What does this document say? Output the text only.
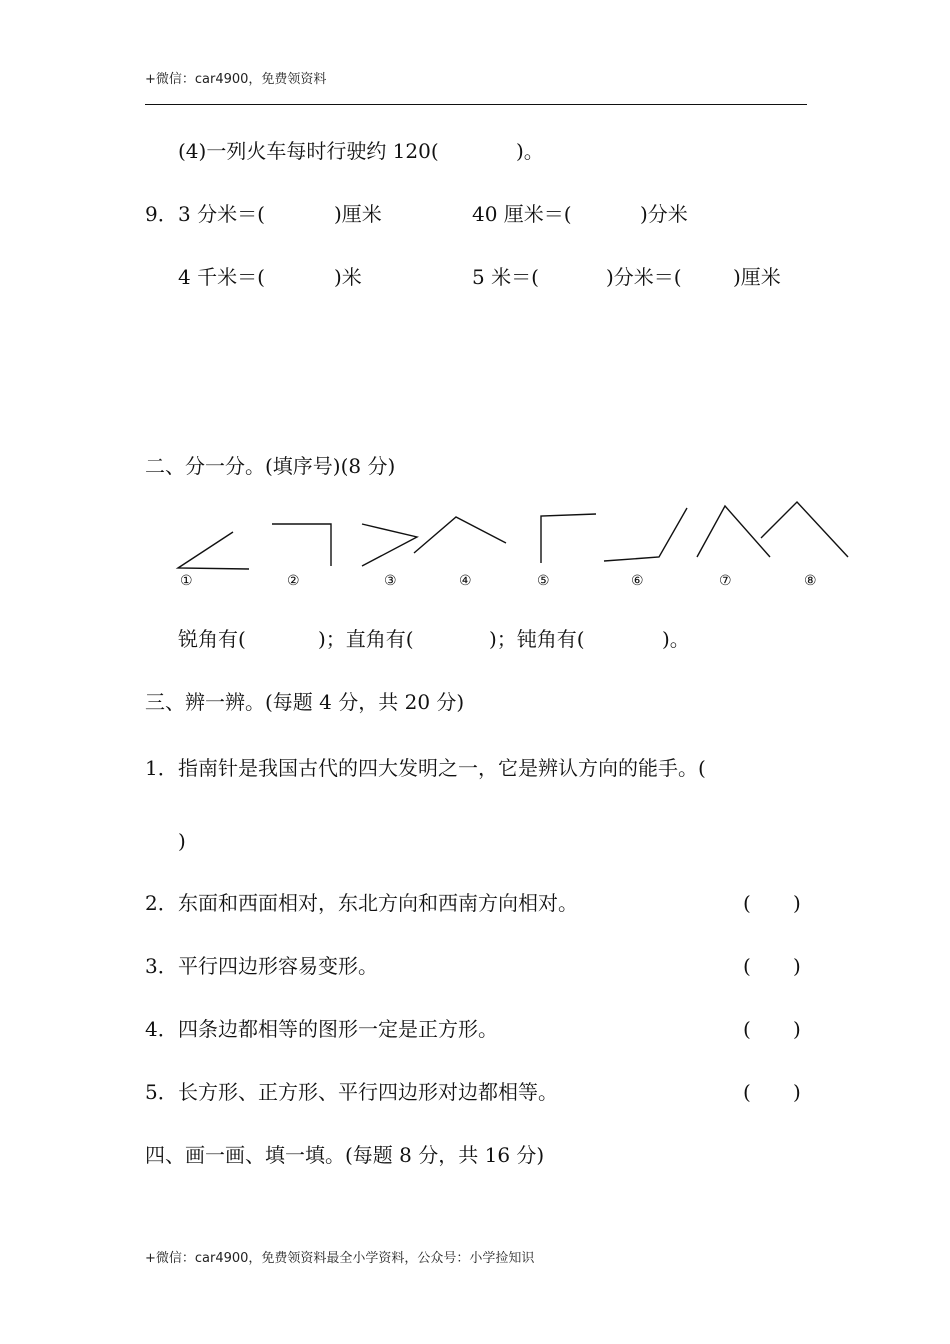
+微信：car4900，免费领资料
(4)一列火车每时行驶约 120(	)。
9． 3 分米＝(	)厘米	40 厘米＝(	)分米
4 千米＝(	)米	5 米＝(	)分米＝(	)厘米
二、分一分。(填序号)(8 分)
①	②	③	④	⑤	⑥	⑦	⑧
锐角有(	)；直角有(	)；钝角有(	)。
三、辨一辨。(每题 4 分，共 20 分)
1． 指南针是我国古代的四大发明之一，它是辨认方向的能手。(
)
2． 东面和西面相对，东北方向和西南方向相对。	( )
3． 平行四边形容易变形。	( )
4． 四条边都相等的图形一定是正方形。	( )
5． 长方形、正方形、平行四边形对边都相等。	( )
四、画一画、填一填。(每题 8 分，共 16 分)
+微信：car4900，免费领资料最全小学资料，公众号：小学捡知识
